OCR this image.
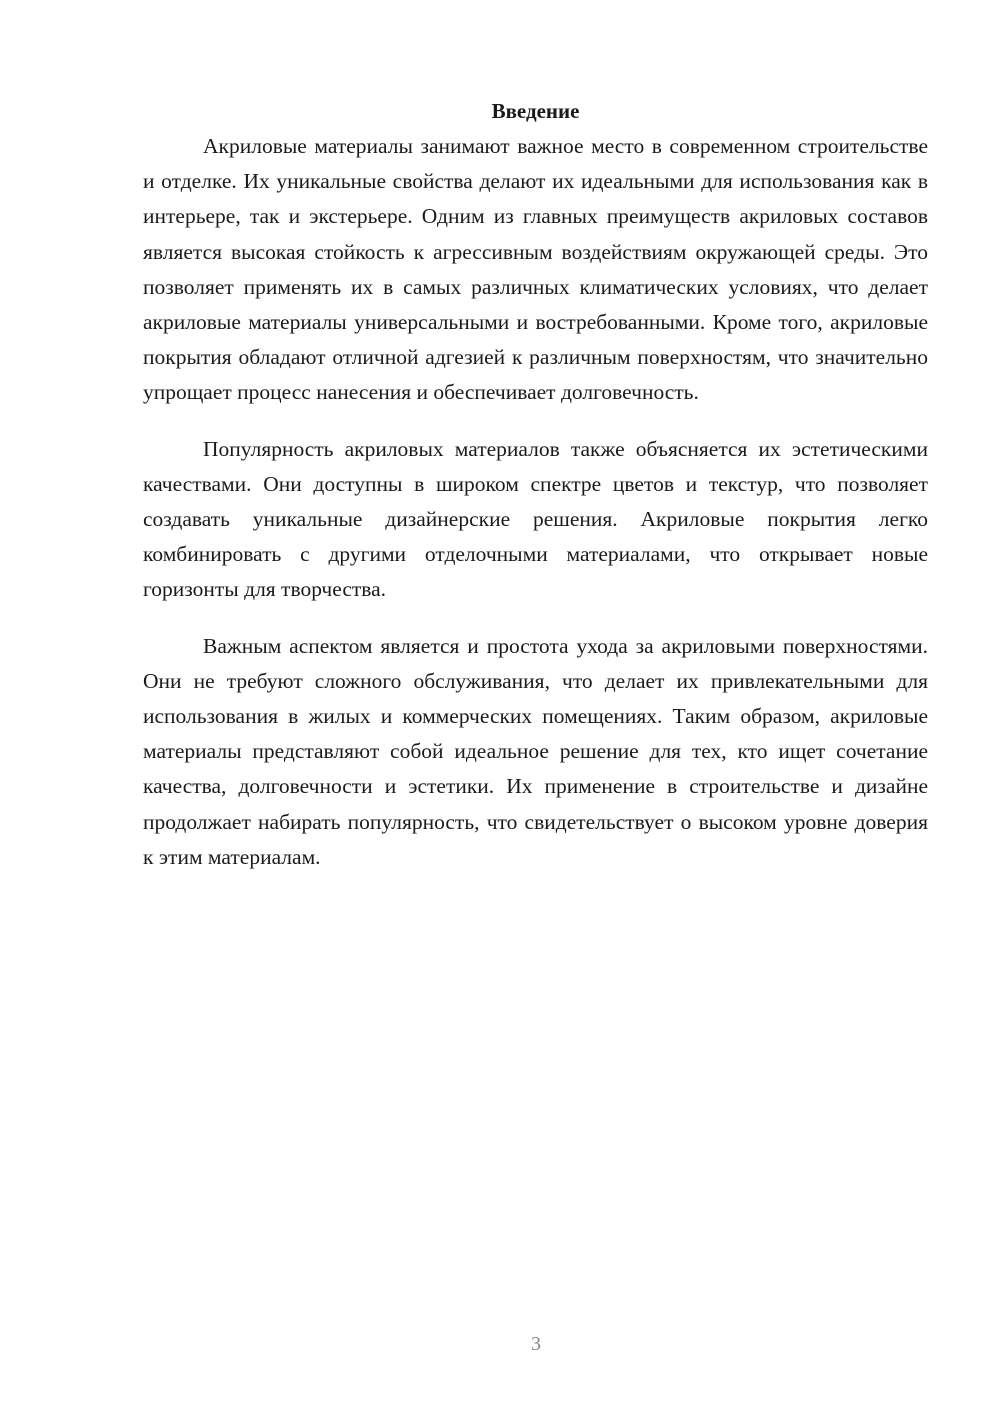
Введение

Акриловые материалы занимают важное место в современном строительстве и отделке. Их уникальные свойства делают их идеальными для использования как в интерьере, так и экстерьере. Одним из главных преимуществ акриловых составов является высокая стойкость к агрессивным воздействиям окружающей среды. Это позволяет применять их в самых различных климатических условиях, что делает акриловые материалы универсальными и востребованными. Кроме того, акриловые покрытия обладают отличной адгезией к различным поверхностям, что значительно упрощает процесс нанесения и обеспечивает долговечность.

Популярность акриловых материалов также объясняется их эстетическими качествами. Они доступны в широком спектре цветов и текстур, что позволяет создавать уникальные дизайнерские решения. Акриловые покрытия легко комбинировать с другими отделочными материалами, что открывает новые горизонты для творчества.

Важным аспектом является и простота ухода за акриловыми поверхностями. Они не требуют сложного обслуживания, что делает их привлекательными для использования в жилых и коммерческих помещениях. Таким образом, акриловые материалы представляют собой идеальное решение для тех, кто ищет сочетание качества, долговечности и эстетики. Их применение в строительстве и дизайне продолжает набирать популярность, что свидетельствует о высоком уровне доверия к этим материалам.

3
